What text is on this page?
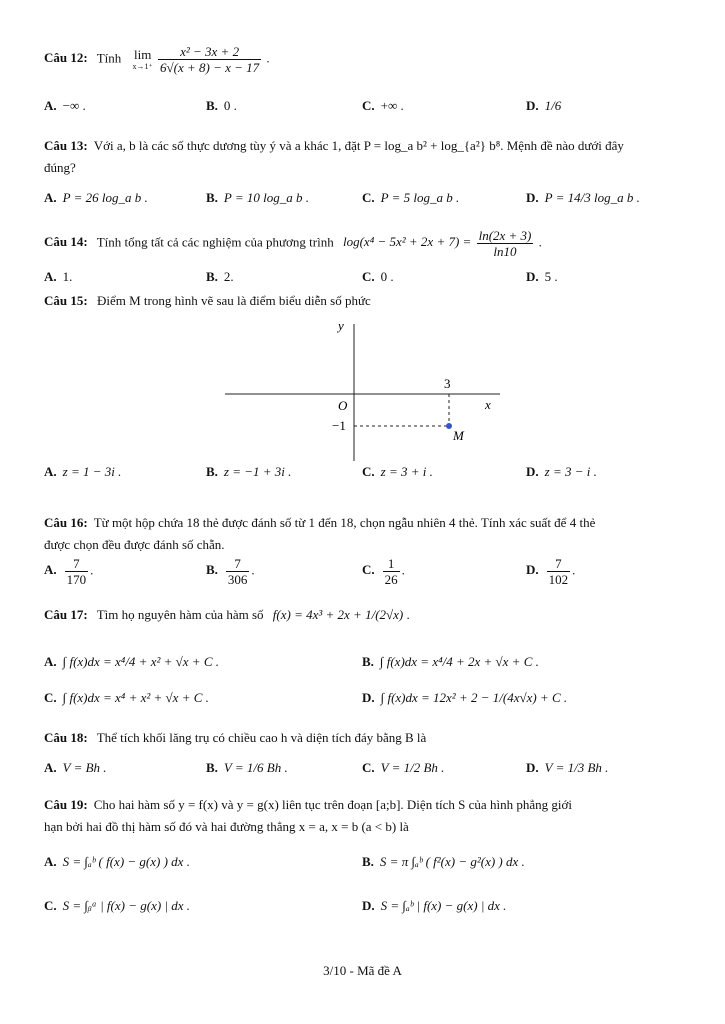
Câu 12: Tính lim
x→1⁺
$\frac{\text{x² − 3x + 2}}{6√(x + 8) - x - 17}$ .
A. −∞ .	B. 0 .	C. +∞ .	D. 1/6
Câu 13: Với a, b là các số thực dương tùy ý và a khác 1, đặt P = log_a b² + log_{a²} b⁸. Mệnh đề nào dưới đây
đúng?
A. P = 26 log_a b .	B. P = 10 log_a b .	C. P = 5 log_a b .	D. P = 14/3 log_a b .
Câu 14: Tính tổng tất cả các nghiệm của phương trình $\log(x^4 - 5x^2 + 2x + 7) = \frac{\ln(2x + 3)}{\ln 10}$ .
A. 1.	B. 2.	C. 0 .	D. 5 .
Câu 15: Điểm M trong hình vẽ sau là điểm biểu diễn số phức
y
x
O
3
−1
M
A. z = 1 − 3i .	B. z = −1 + 3i .	C. z = 3 + i .	D. z = 3 − i .
Câu 16: Từ một hộp chứa 18 thẻ được đánh số từ 1 đến 18, chọn ngẫu nhiên 4 thẻ. Tính xác suất để 4 thẻ
được chọn đều được đánh số chẵn.
A. $\frac{7}{170}$ .	B. $\frac{7}{306}$ .	C. $\frac{1}{26}$ .	D. $\frac{7}{102}$ .
Câu 17: Tìm họ nguyên hàm của hàm số f(x) = 4x³ + 2x + 1/(2√x) .
A. ∫ f(x)dx = x⁴/4 + x² + √x + C .	B. ∫ f(x)dx = x⁴/4 + 2x + √x + C .
C. ∫ f(x)dx = x⁴ + x² + √x + C .	D. ∫ f(x)dx = 12x² + 2 − 1/(4x√x) + C .
Câu 18: Thể tích khối lăng trụ có chiều cao h và diện tích đáy bằng B là
A. V = Bh .	B. V = 1/6 Bh .	C. V = 1/2 Bh .	D. V = 1/3 Bh .
Câu 19: Cho hai hàm số y = f(x) và y = g(x) liên tục trên đoạn [a;b]. Diện tích S của hình phẳng giới
hạn bởi hai đồ thị hàm số đó và hai đường thẳng x = a, x = b (a < b) là
A. S = ∫ₐᵇ ( f(x) − g(x) ) dx .	B. S = π ∫ₐᵇ ( f²(x) − g²(x) ) dx .
C. S = ∫ᵦᵃ | f(x) − g(x) | dx .	D. S = ∫ₐᵇ | f(x) − g(x) | dx .
3/10 - Mã đề A
